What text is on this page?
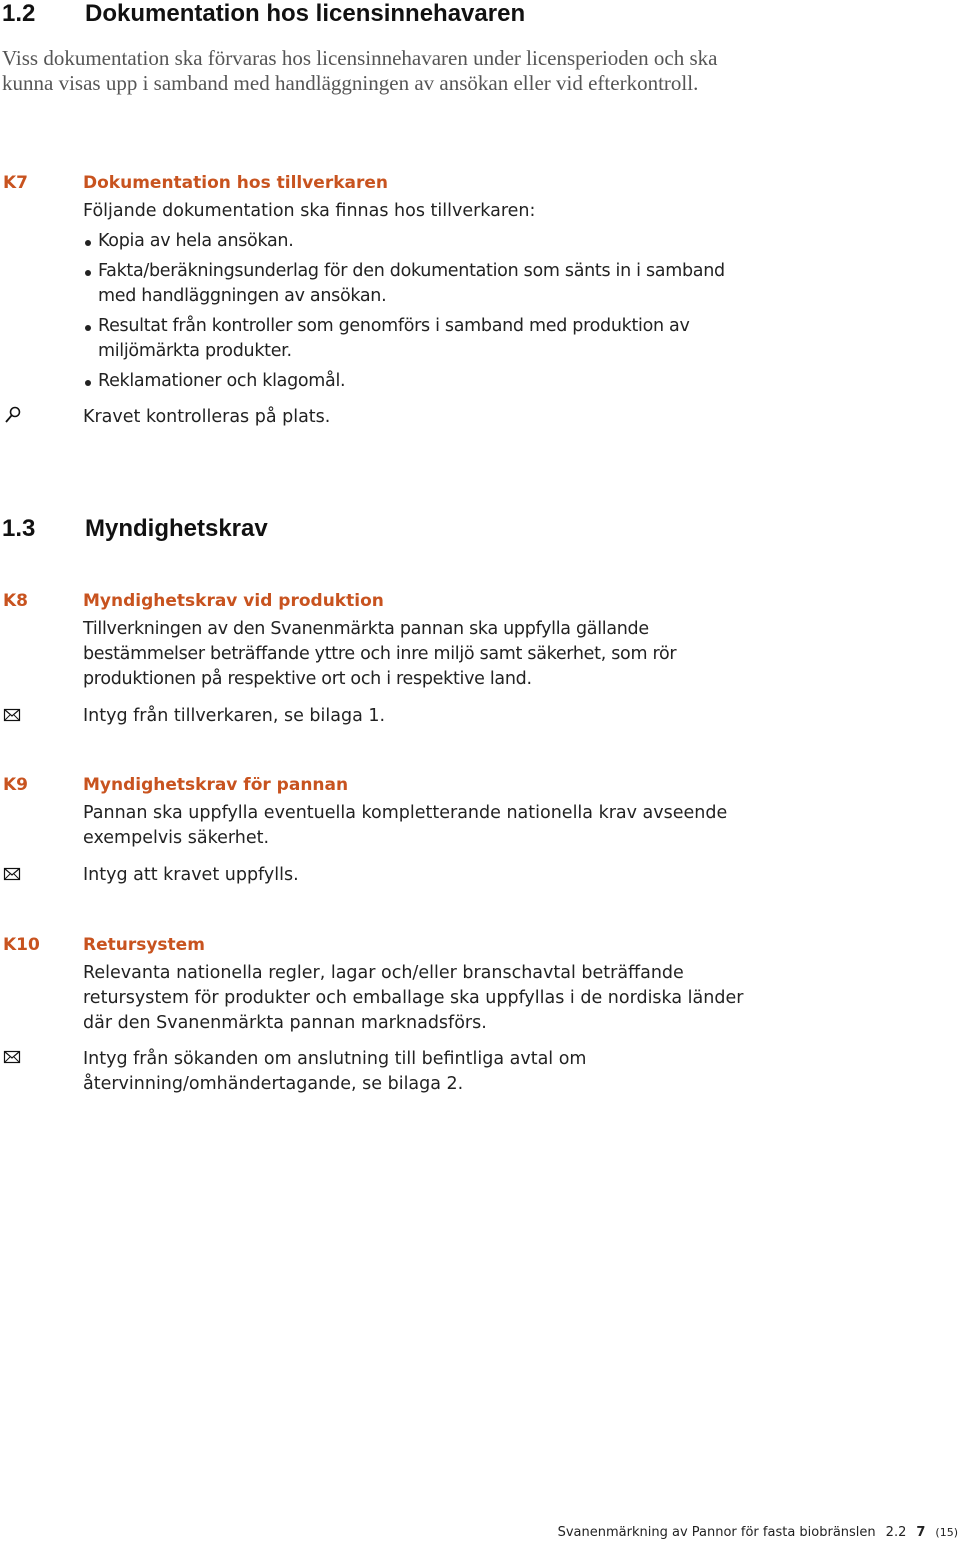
1.2 Dokumentation hos licensinnehavaren
Viss dokumentation ska förvaras hos licensinnehavaren under licensperioden och ska kunna visas upp i samband med handläggningen av ansökan eller vid efterkontroll.
K7	Dokumentation hos tillverkaren
Följande dokumentation ska finnas hos tillverkaren:
Kopia av hela ansökan.
Fakta/beräkningsunderlag för den dokumentation som sänts in i samband med handläggningen av ansökan.
Resultat från kontroller som genomförs i samband med produktion av miljömärkta produkter.
Reklamationer och klagomål.
Kravet kontrolleras på plats.
1.3 Myndighetskrav
K8	Myndighetskrav vid produktion
Tillverkningen av den Svanenmärkta pannan ska uppfylla gällande bestämmelser beträffande yttre och inre miljö samt säkerhet, som rör produktionen på respektive ort och i respektive land.
Intyg från tillverkaren, se bilaga 1.
K9	Myndighetskrav för pannan
Pannan ska uppfylla eventuella kompletterande nationella krav avseende exempelvis säkerhet.
Intyg att kravet uppfylls.
K10	Retursystem
Relevanta nationella regler, lagar och/eller branschavtal beträffande retursystem för produkter och emballage ska uppfyllas i de nordiska länder där den Svanenmärkta pannan marknadsförs.
Intyg från sökanden om anslutning till befintliga avtal om återvinning/omhändertagande, se bilaga 2.
Svanenmärkning av Pannor för fasta biobränslen 2.2 7 (15)
